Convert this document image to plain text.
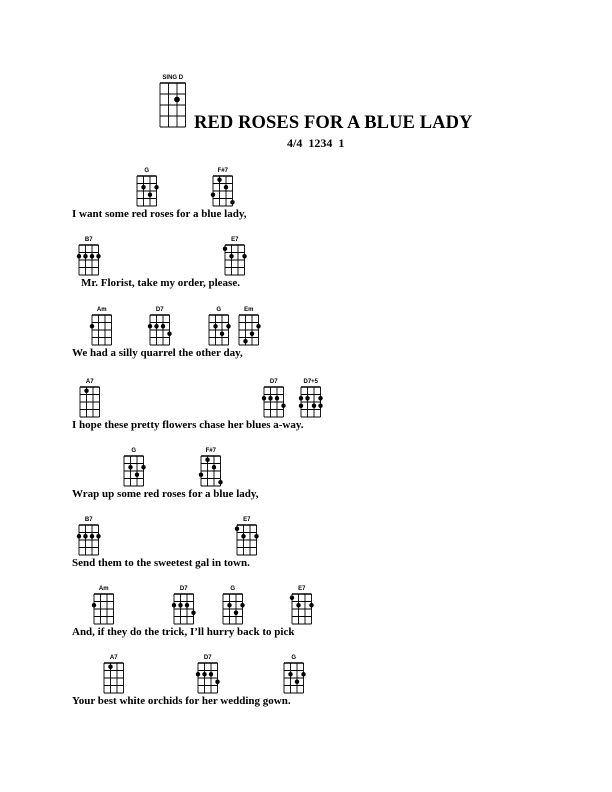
RED ROSES FOR A BLUE LADY
4/4 1234 1
I want some red roses for a blue lady,
Mr. Florist, take my order, please.
We had a silly quarrel the other day,
I hope these pretty flowers chase her blues a-way.
Wrap up some red roses for a blue lady,
Send them to the sweetest gal in town.
And, if they do the trick, I’ll hurry back to pick
Your best white orchids for her wedding gown.
SING D
G	F#7
B7	E7
Am	D7	G	Em
A7	D7	D7+5
G	F#7
B7	E7
Am	D7	G	E7
A7	D7	G
